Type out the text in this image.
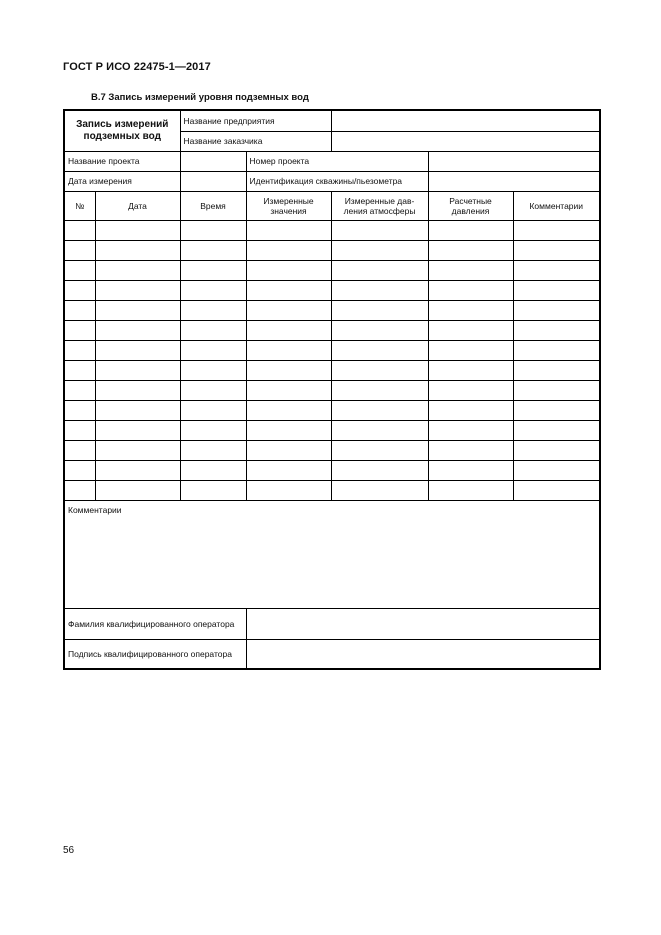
ГОСТ Р ИСО 22475-1—2017
В.7 Запись измерений уровня подземных вод
Запись измерений подземных вод		Название предприятия				
		Название заказчика				
Название проекта			Номер проекта			
Дата измерения			Идентификация скважины/пьезометра			
№	Дата	Время	Измеренные значения	Измеренные дав-ления атмосферы	Расчетные давления	Комментарии

Комментарии						
Фамилия квалифицированного оператора						
Подпись квалифицированного оператора						
56
